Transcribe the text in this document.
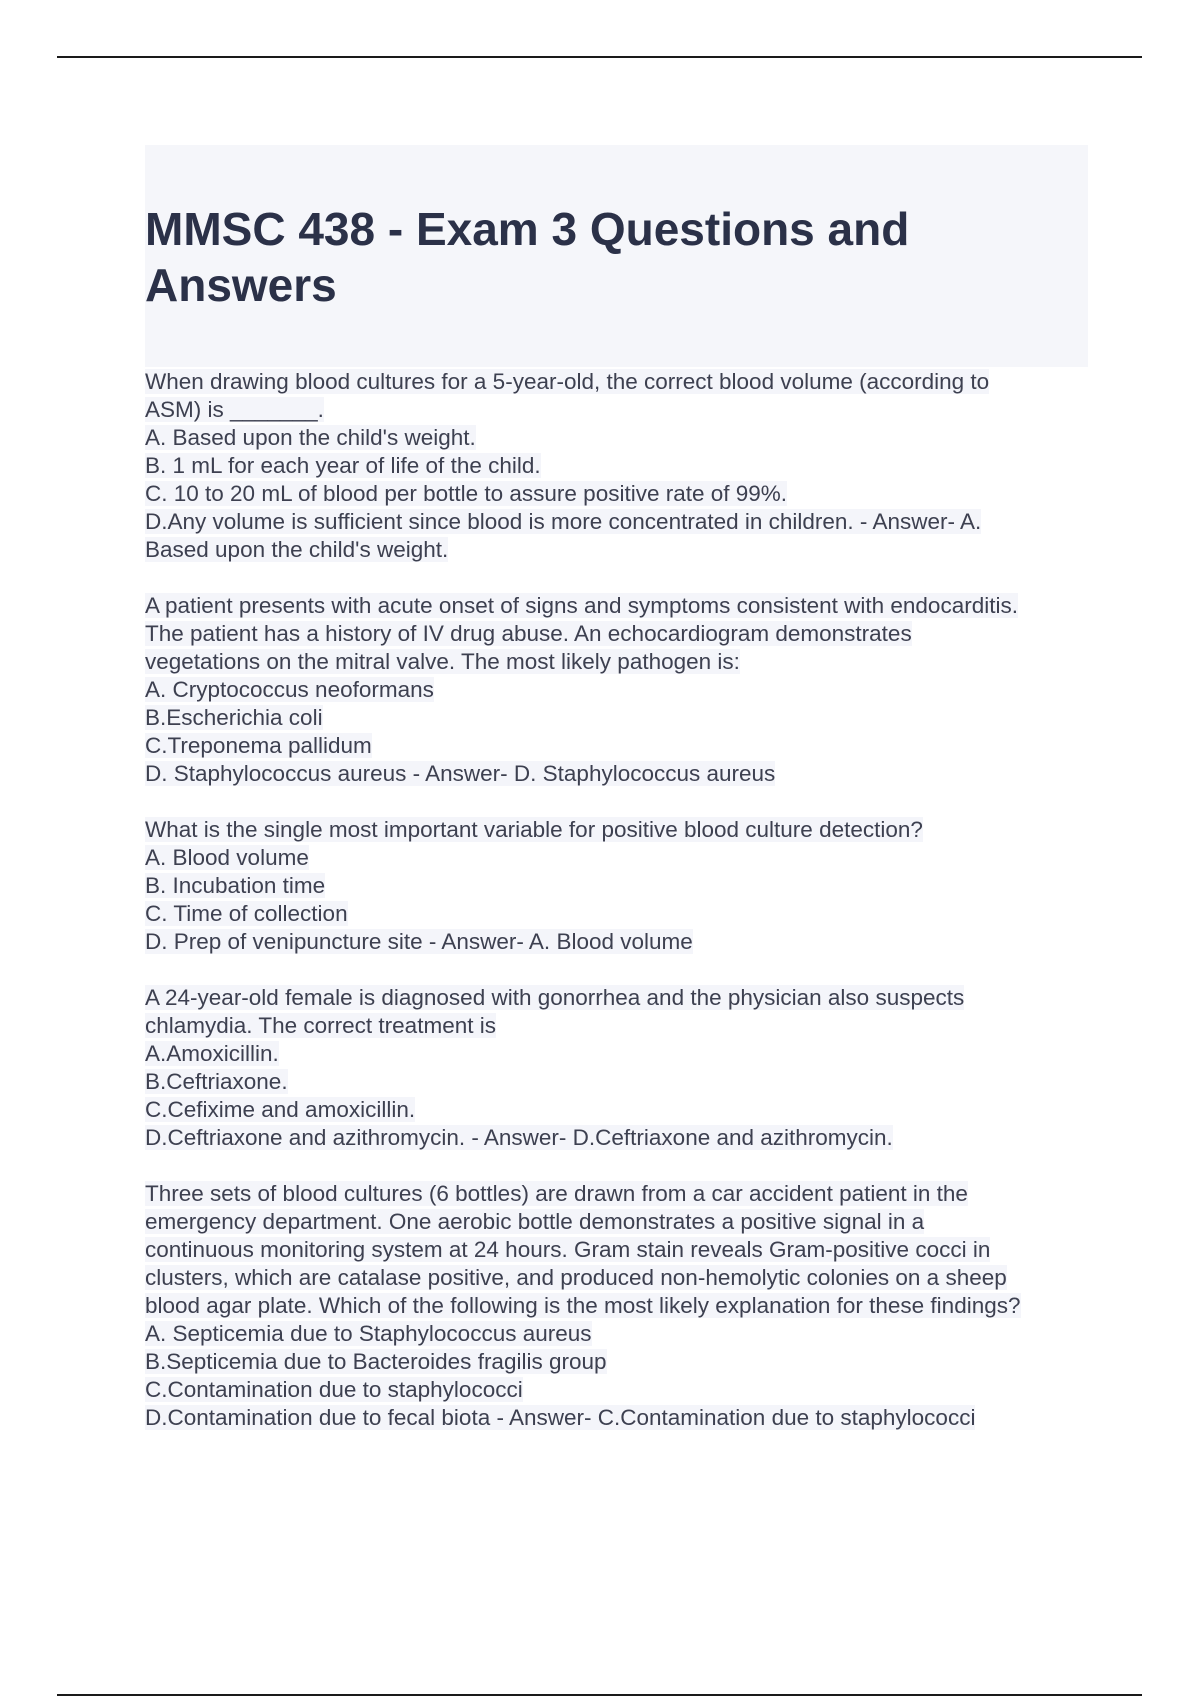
MMSC 438 - Exam 3 Questions and
Answers
When drawing blood cultures for a 5-year-old, the correct blood volume (according to
ASM) is _______.
A. Based upon the child's weight.
B. 1 mL for each year of life of the child.
C. 10 to 20 mL of blood per bottle to assure positive rate of 99%.
D.Any volume is sufficient since blood is more concentrated in children. - Answer- A.
Based upon the child's weight.
A patient presents with acute onset of signs and symptoms consistent with endocarditis.
The patient has a history of IV drug abuse. An echocardiogram demonstrates
vegetations on the mitral valve. The most likely pathogen is:
A. Cryptococcus neoformans
B.Escherichia coli
C.Treponema pallidum
D. Staphylococcus aureus - Answer- D. Staphylococcus aureus
What is the single most important variable for positive blood culture detection?
A. Blood volume
B. Incubation time
C. Time of collection
D. Prep of venipuncture site - Answer- A. Blood volume
A 24-year-old female is diagnosed with gonorrhea and the physician also suspects
chlamydia. The correct treatment is
A.Amoxicillin.
B.Ceftriaxone.
C.Cefixime and amoxicillin.
D.Ceftriaxone and azithromycin. - Answer- D.Ceftriaxone and azithromycin.
Three sets of blood cultures (6 bottles) are drawn from a car accident patient in the
emergency department. One aerobic bottle demonstrates a positive signal in a
continuous monitoring system at 24 hours. Gram stain reveals Gram-positive cocci in
clusters, which are catalase positive, and produced non-hemolytic colonies on a sheep
blood agar plate. Which of the following is the most likely explanation for these findings?
A. Septicemia due to Staphylococcus aureus
B.Septicemia due to Bacteroides fragilis group
C.Contamination due to staphylococci
D.Contamination due to fecal biota - Answer- C.Contamination due to staphylococci
